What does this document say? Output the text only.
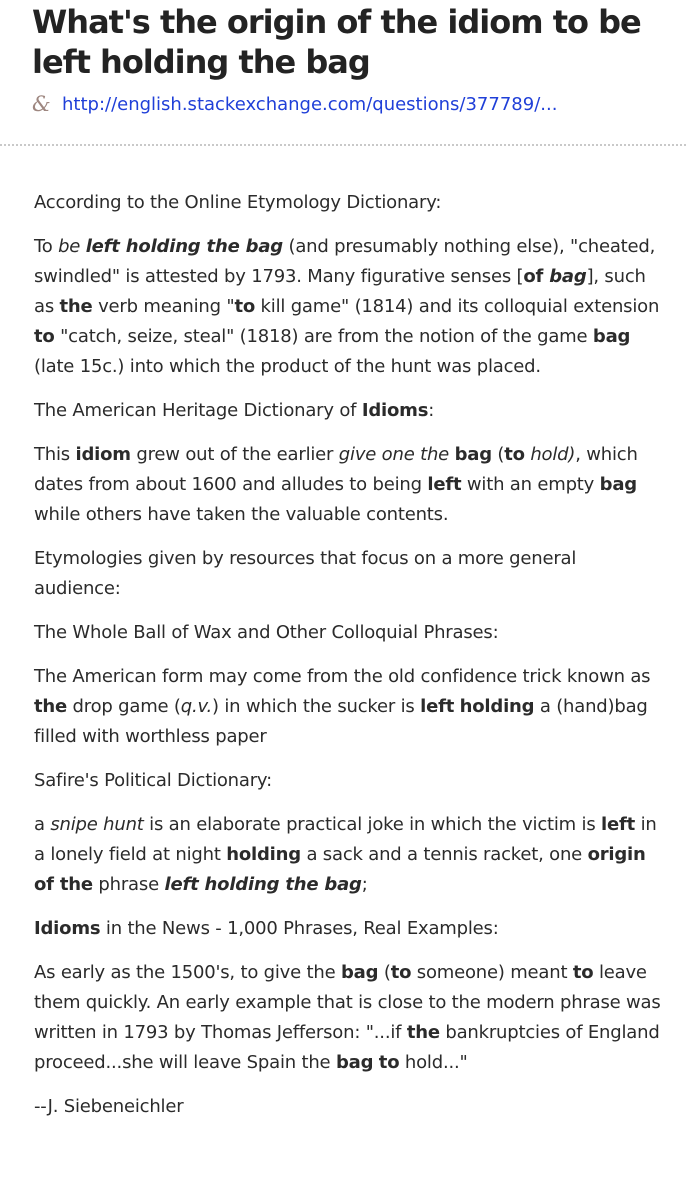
What's the origin of the idiom to be left holding the bag
& http://english.stackexchange.com/questions/377789/...

According to the Online Etymology Dictionary:

To be left holding the bag (and presumably nothing else), "cheated, swindled" is attested by 1793. Many figurative senses [of bag], such as the verb meaning "to kill game" (1814) and its colloquial extension to "catch, seize, steal" (1818) are from the notion of the game bag (late 15c.) into which the product of the hunt was placed.

The American Heritage Dictionary of Idioms:

This idiom grew out of the earlier give one the bag (to hold), which dates from about 1600 and alludes to being left with an empty bag while others have taken the valuable contents.

Etymologies given by resources that focus on a more general audience:

The Whole Ball of Wax and Other Colloquial Phrases:

The American form may come from the old confidence trick known as the drop game (q.v.) in which the sucker is left holding a (hand)bag filled with worthless paper

Safire's Political Dictionary:

a snipe hunt is an elaborate practical joke in which the victim is left in a lonely field at night holding a sack and a tennis racket, one origin of the phrase left holding the bag;

Idioms in the News - 1,000 Phrases, Real Examples:

As early as the 1500's, to give the bag (to someone) meant to leave them quickly. An early example that is close to the modern phrase was written in 1793 by Thomas Jefferson: "...if the bankruptcies of England proceed...she will leave Spain the bag to hold..."

--J. Siebeneichler
